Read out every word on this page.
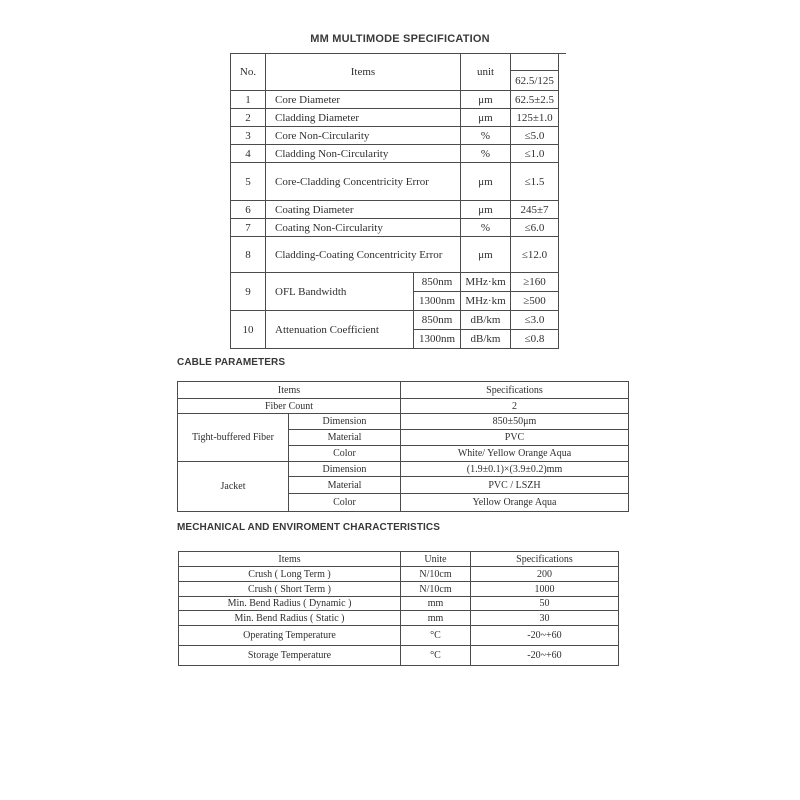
MM MULTIMODE SPECIFICATION
No.	Items		unit	
				62.5/125
1	Core Diameter		μm	62.5±2.5
2	Cladding Diameter		μm	125±1.0
3	Core Non-Circularity		%	≤5.0
4	Cladding Non-Circularity		%	≤1.0
5	Core-Cladding Concentricity Error		μm	≤1.5
6	Coating Diameter		μm	245±7
7	Coating Non-Circularity		%	≤6.0
8	Cladding-Coating Concentricity Error		μm	≤12.0
9	OFL Bandwidth	850nm	MHz·km	≥160
		1300nm	MHz·km	≥500
10	Attenuation Coefficient	850nm	dB/km	≤3.0
		1300nm	dB/km	≤0.8
CABLE PARAMETERS
Items		Specifications
Fiber Count		2
Tight-buffered Fiber	Dimension	850±50μm
	Material	PVC
	Color	White/ Yellow Orange Aqua
Jacket	Dimension	(1.9±0.1)×(3.9±0.2)mm
	Material	PVC / LSZH
	Color	Yellow Orange Aqua
MECHANICAL AND ENVIROMENT CHARACTERISTICS
Items	Unite	Specifications
Crush ( Long Term )	N/10cm	200
Crush ( Short Term )	N/10cm	1000
Min. Bend Radius ( Dynamic )	mm	50
Min. Bend Radius ( Static )	mm	30
Operating Temperature	°C	-20~+60
Storage Temperature	°C	-20~+60
